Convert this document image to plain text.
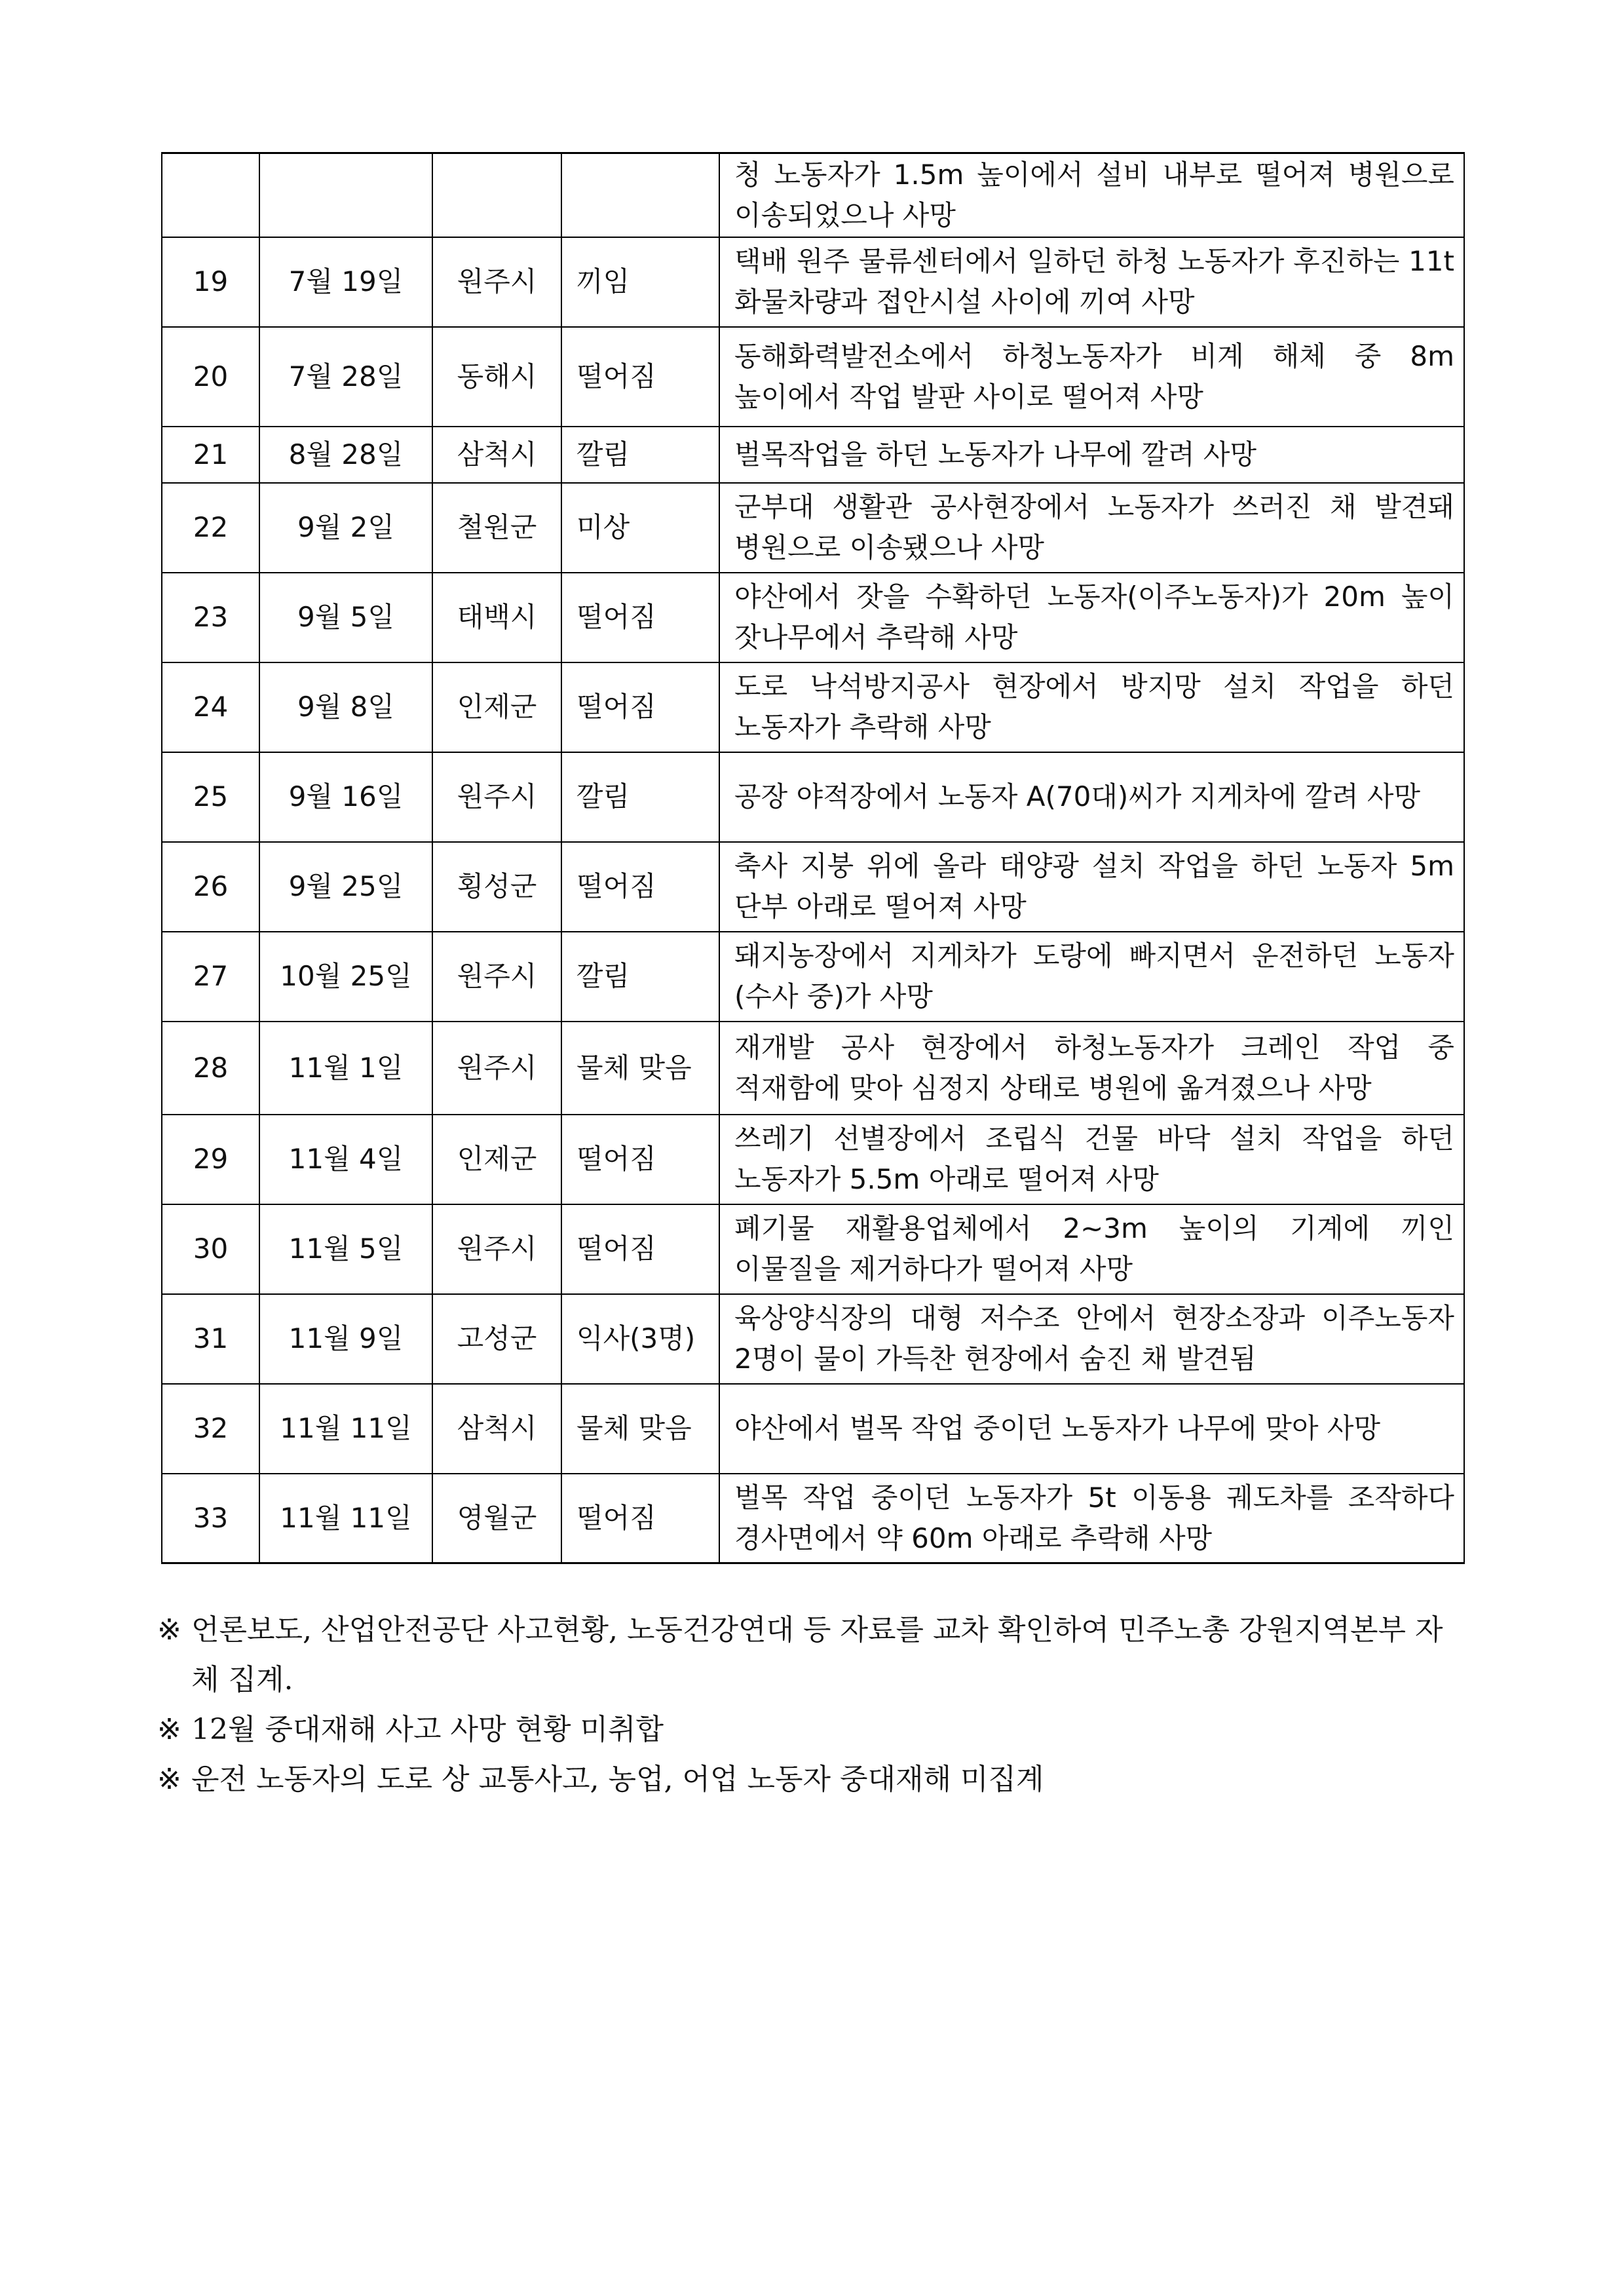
				청 노동자가 1.5m 높이에서 설비 내부로 떨어져 병원으로 이송되었으나 사망
19	7월 19일	원주시	끼임	택배 원주 물류센터에서 일하던 하청 노동자가 후진하는 11t 화물차량과 접안시설 사이에 끼여 사망
20	7월 28일	동해시	떨어짐	동해화력발전소에서 하청노동자가 비계 해체 중 8m 높이에서 작업 발판 사이로 떨어져 사망
21	8월 28일	삼척시	깔림	벌목작업을 하던 노동자가 나무에 깔려 사망
22	9월 2일	철원군	미상	군부대 생활관 공사현장에서 노동자가 쓰러진 채 발견돼 병원으로 이송됐으나 사망
23	9월 5일	태백시	떨어짐	야산에서 잣을 수확하던 노동자(이주노동자)가 20m 높이 잣나무에서 추락해 사망
24	9월 8일	인제군	떨어짐	도로 낙석방지공사 현장에서 방지망 설치 작업을 하던 노동자가 추락해 사망
25	9월 16일	원주시	깔림	공장 야적장에서 노동자 A(70대)씨가 지게차에 깔려 사망
26	9월 25일	횡성군	떨어짐	축사 지붕 위에 올라 태양광 설치 작업을 하던 노동자 5m 단부 아래로 떨어져 사망
27	10월 25일	원주시	깔림	돼지농장에서 지게차가 도랑에 빠지면서 운전하던 노동자(수사 중)가 사망
28	11월 1일	원주시	물체 맞음	재개발 공사 현장에서 하청노동자가 크레인 작업 중 적재함에 맞아 심정지 상태로 병원에 옮겨졌으나 사망
29	11월 4일	인제군	떨어짐	쓰레기 선별장에서 조립식 건물 바닥 설치 작업을 하던 노동자가 5.5m 아래로 떨어져 사망
30	11월 5일	원주시	떨어짐	폐기물 재활용업체에서 2~3m 높이의 기계에 끼인 이물질을 제거하다가 떨어져 사망
31	11월 9일	고성군	익사(3명)	육상양식장의 대형 저수조 안에서 현장소장과 이주노동자 2명이 물이 가득찬 현장에서 숨진 채 발견됨
32	11월 11일	삼척시	물체 맞음	야산에서 벌목 작업 중이던 노동자가 나무에 맞아 사망
33	11월 11일	영월군	떨어짐	벌목 작업 중이던 노동자가 5t 이동용 궤도차를 조작하다 경사면에서 약 60m 아래로 추락해 사망
※ 언론보도, 산업안전공단 사고현황, 노동건강연대 등 자료를 교차 확인하여 민주노총 강원지역본부 자체 집계.
※ 12월 중대재해 사고 사망 현황 미취합
※ 운전 노동자의 도로 상 교통사고, 농업, 어업 노동자 중대재해 미집계
